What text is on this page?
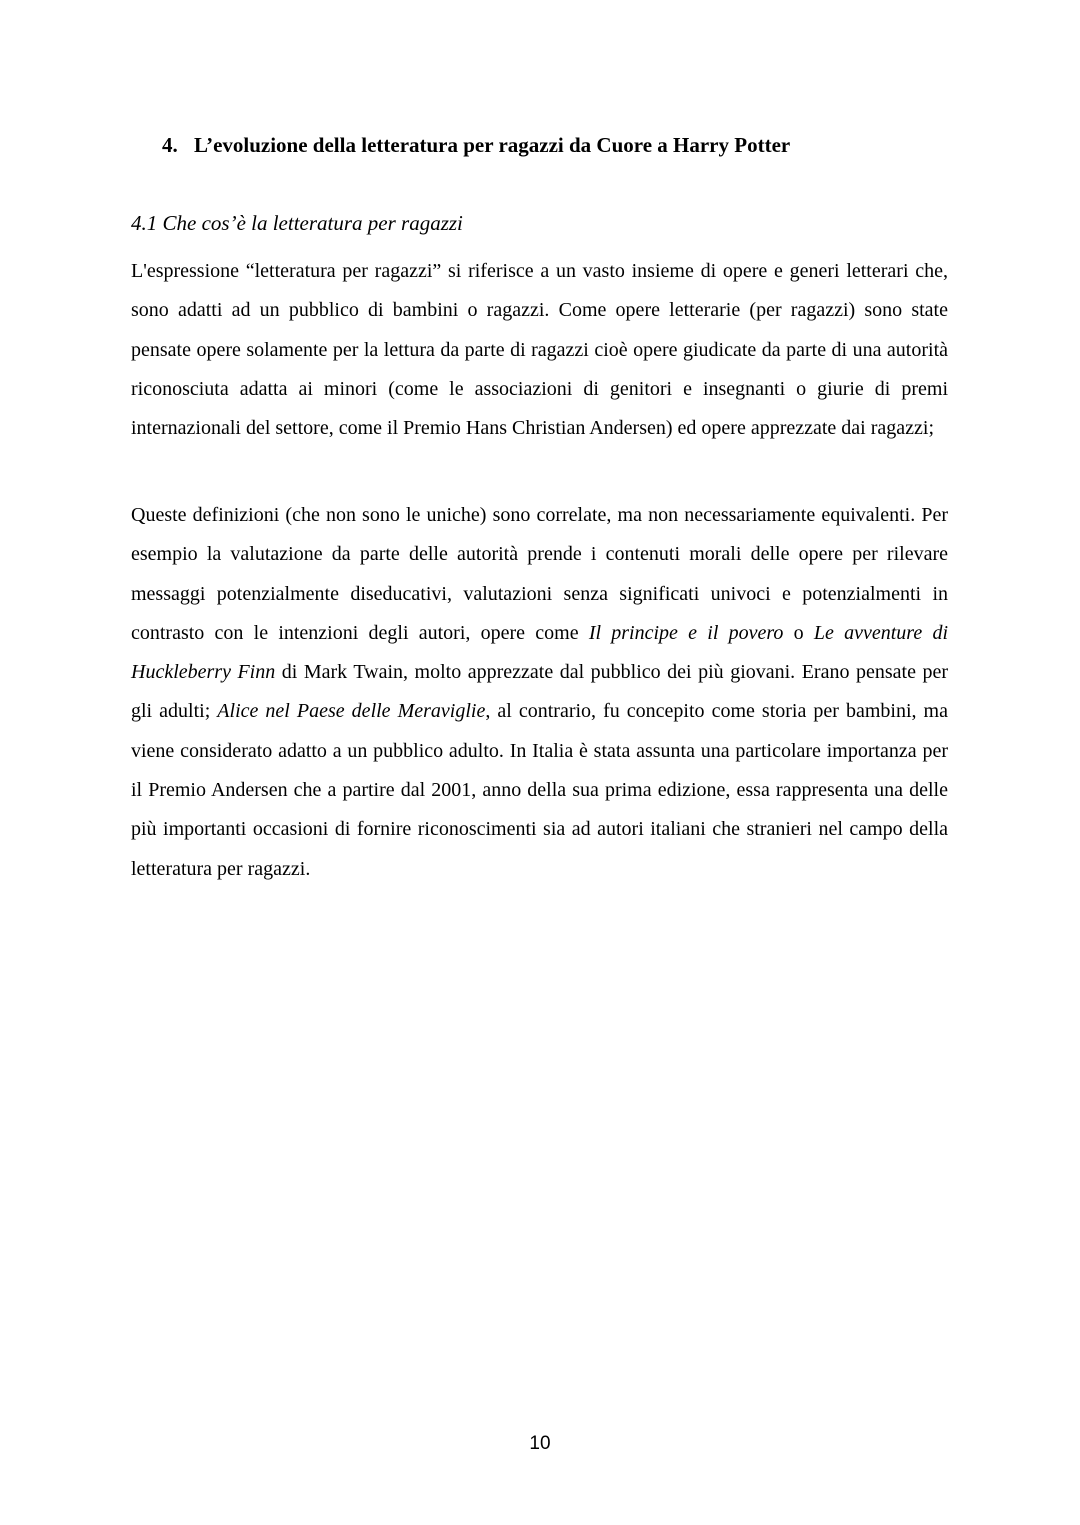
4. L’evoluzione della letteratura per ragazzi da Cuore a Harry Potter
4.1 Che cos’è la letteratura per ragazzi

L'espressione “letteratura per ragazzi” si riferisce a un vasto insieme di opere e generi letterari che, sono adatti ad un pubblico di bambini o ragazzi. Come opere letterarie (per ragazzi) sono state pensate opere solamente per la lettura da parte di ragazzi cioè opere giudicate da parte di una autorità riconosciuta adatta ai minori (come le associazioni di genitori e insegnanti o giurie di premi internazionali del settore, come il Premio Hans Christian Andersen) ed opere apprezzate dai ragazzi;

Queste definizioni (che non sono le uniche) sono correlate, ma non necessariamente equivalenti. Per esempio la valutazione da parte delle autorità prende i contenuti morali delle opere per rilevare messaggi potenzialmente diseducativi, valutazioni senza significati univoci e potenzialmenti in contrasto con le intenzioni degli autori, opere come Il principe e il povero o Le avventure di Huckleberry Finn di Mark Twain, molto apprezzate dal pubblico dei più giovani. Erano pensate per gli adulti; Alice nel Paese delle Meraviglie, al contrario, fu concepito come storia per bambini, ma viene considerato adatto a un pubblico adulto. In Italia è stata assunta una particolare importanza per il Premio Andersen che a partire dal 2001, anno della sua prima edizione, essa rappresenta una delle più importanti occasioni di fornire riconoscimenti sia ad autori italiani che stranieri nel campo della letteratura per ragazzi.

10
